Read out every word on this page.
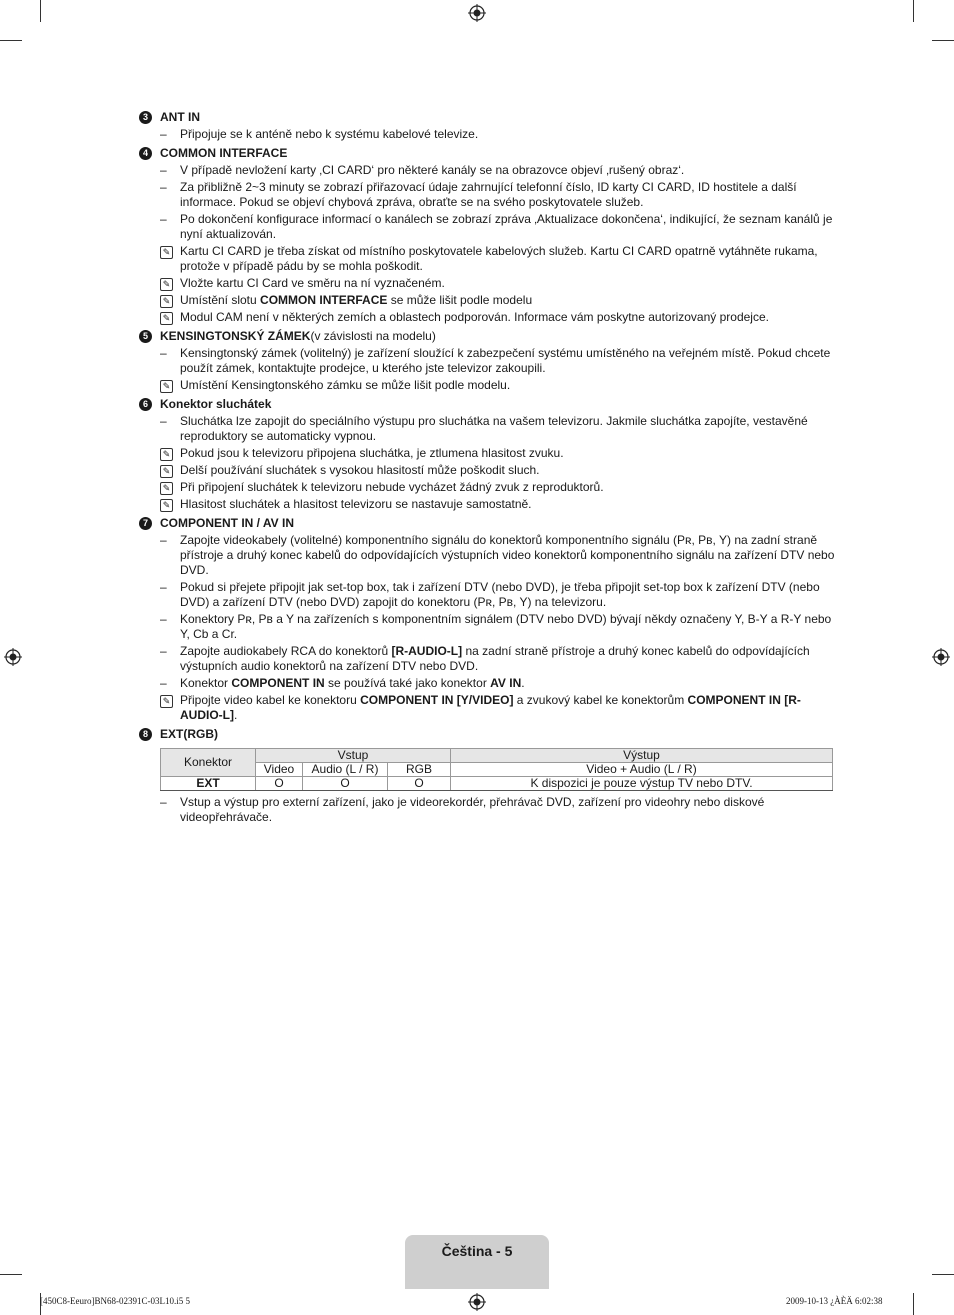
3	ANT IN
–	Připojuje se k anténě nebo k systému kabelové televize.
4	COMMON INTERFACE
–	V případě nevložení karty ‚CI CARD‘ pro některé kanály se na obrazovce objeví ‚rušený obraz‘.
–	Za přibližně 2~3 minuty se zobrazí přiřazovací údaje zahrnující telefonní číslo, ID karty CI CARD, ID hostitele a další informace. Pokud se objeví chybová zpráva, obraťte se na svého poskytovatele služeb.
–	Po dokončení konfigurace informací o kanálech se zobrazí zpráva ‚Aktualizace dokončena‘, indikující, že seznam kanálů je nyní aktualizován.
✎ Kartu CI CARD je třeba získat od místního poskytovatele kabelových služeb. Kartu CI CARD opatrně vytáhněte rukama, protože v případě pádu by se mohla poškodit.
✎ Vložte kartu CI Card ve směru na ní vyznačeném.
✎ Umístění slotu COMMON INTERFACE se může lišit podle modelu
✎ Modul CAM není v některých zemích a oblastech podporován. Informace vám poskytne autorizovaný prodejce.
5	KENSINGTONSKÝ ZÁMEK (v závislosti na modelu)
–	Kensingtonský zámek (volitelný) je zařízení sloužící k zabezpečení systému umístěného na veřejném místě. Pokud chcete použít zámek, kontaktujte prodejce, u kterého jste televizor zakoupili.
✎ Umístění Kensingtonského zámku se může lišit podle modelu.
6	Konektor sluchátek
–	Sluchátka lze zapojit do speciálního výstupu pro sluchátka na vašem televizoru. Jakmile sluchátka zapojíte, vestavěné reproduktory se automaticky vypnou.
✎ Pokud jsou k televizoru připojena sluchátka, je ztlumena hlasitost zvuku.
✎ Delší používání sluchátek s vysokou hlasitostí může poškodit sluch.
✎ Při připojení sluchátek k televizoru nebude vycházet žádný zvuk z reproduktorů.
✎ Hlasitost sluchátek a hlasitost televizoru se nastavuje samostatně.
7	COMPONENT IN / AV IN
–	Zapojte videokabely (volitelné) komponentního signálu do konektorů komponentního signálu (Pʀ, Pʙ, Y) na zadní straně přístroje a druhý konec kabelů do odpovídajících výstupních video konektorů komponentního signálu na zařízení DTV nebo DVD.
–	Pokud si přejete připojit jak set-top box, tak i zařízení DTV (nebo DVD), je třeba připojit set-top box k zařízení DTV (nebo DVD) a zařízení DTV (nebo DVD) zapojit do konektoru (Pʀ, Pʙ, Y) na televizoru.
–	Konektory Pʀ, Pʙ a Y na zařízeních s komponentním signálem (DTV nebo DVD) bývají někdy označeny Y, B-Y a R-Y nebo Y, Cb a Cr.
–	Zapojte audiokabely RCA do konektorů [R-AUDIO-L] na zadní straně přístroje a druhý konec kabelů do odpovídajících výstupních audio konektorů na zařízení DTV nebo DVD.
–	Konektor COMPONENT IN se používá také jako konektor AV IN.
✎ Připojte video kabel ke konektoru COMPONENT IN [Y/VIDEO] a zvukový kabel ke konektorům COMPONENT IN [R-AUDIO-L].
8	EXT(RGB)
Konektor	Vstup			Výstup
	Video	Audio (L / R)	RGB	Video + Audio (L / R)
EXT	O	O	O	K dispozici je pouze výstup TV nebo DTV.
–	Vstup a výstup pro externí zařízení, jako je videorekordér, přehrávač DVD, zařízení pro videohry nebo diskové videopřehrávače.
Čeština - 5
[450C8-Eeuro]BN68-02391C-03L10.i5 5	2009-10-13 ¿ÀÈÄ 6:02:38
